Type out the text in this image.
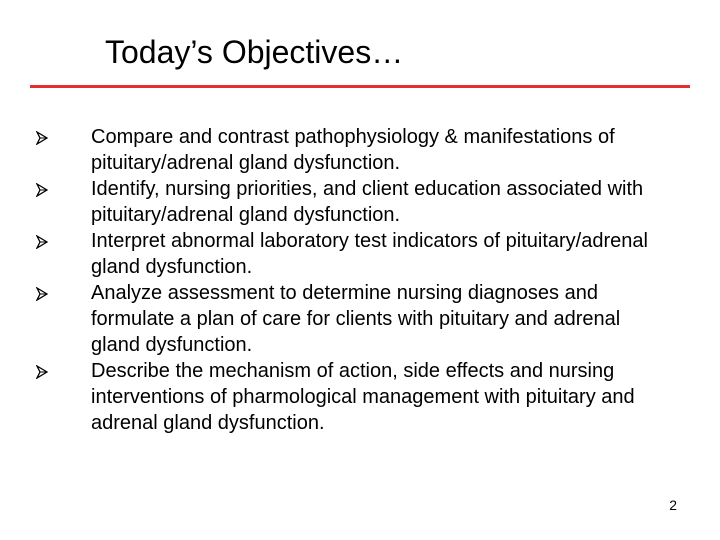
Today’s Objectives…
Compare and contrast pathophysiology & manifestations of pituitary/adrenal gland dysfunction.
Identify, nursing priorities, and client education associated with pituitary/adrenal gland dysfunction.
Interpret abnormal laboratory test indicators of pituitary/adrenal gland dysfunction.
Analyze assessment to determine nursing diagnoses and formulate a plan of care for clients with pituitary and adrenal gland dysfunction.
Describe the mechanism of action, side effects and nursing interventions of pharmological management with pituitary and adrenal gland dysfunction.
2
